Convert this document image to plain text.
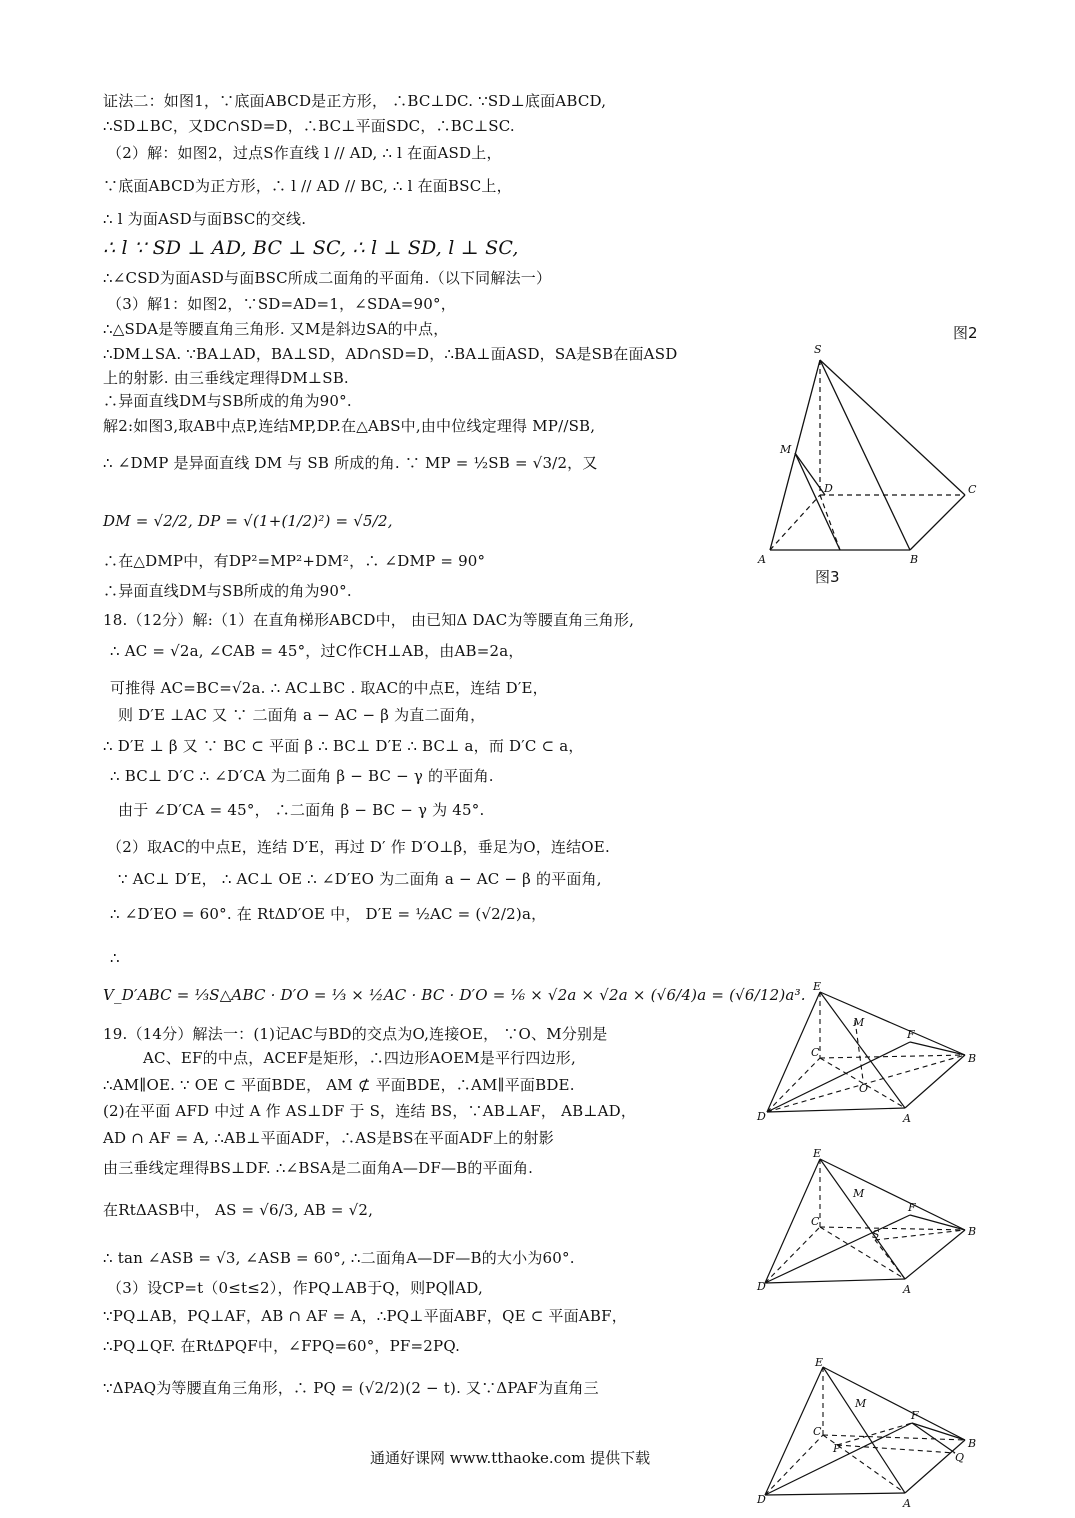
证法二：如图1，∵底面ABCD是正方形， ∴BC⊥DC. ∵SD⊥底面ABCD,
∴SD⊥BC，又DC∩SD=D，∴BC⊥平面SDC，∴BC⊥SC.
（2）解：如图2，过点S作直线 l // AD, ∴ l 在面ASD上，
∵底面ABCD为正方形，∴ l // AD // BC, ∴ l 在面BSC上，
∴ l 为面ASD与面BSC的交线.
∴ l ∵ SD ⊥ AD, BC ⊥ SC, ∴ l ⊥ SD, l ⊥ SC,
∴∠CSD为面ASD与面BSC所成二面角的平面角.（以下同解法一）
（3）解1：如图2，∵SD=AD=1，∠SDA=90°，
∴△SDA是等腰直角三角形. 又M是斜边SA的中点，
∴DM⊥SA. ∵BA⊥AD，BA⊥SD，AD∩SD=D，∴BA⊥面ASD，SA是SB在面ASD
上的射影. 由三垂线定理得DM⊥SB.
∴异面直线DM与SB所成的角为90°.
解2:如图3,取AB中点P,连结MP,DP.在△ABS中,由中位线定理得 MP//SB,
∴ ∠DMP 是异面直线 DM 与 SB 所成的角. ∵ MP = ½SB = √3/2，又
DM = √2/2, DP = √(1+(1/2)²) = √5/2,
∴在△DMP中，有DP²=MP²+DM²，∴ ∠DMP = 90°
∴异面直线DM与SB所成的角为90°.
18.（12分）解:（1）在直角梯形ABCD中， 由已知Δ DAC为等腰直角三角形,
∴ AC = √2a, ∠CAB = 45°，过C作CH⊥AB，由AB=2a，
可推得 AC=BC=√2a. ∴ AC⊥BC . 取AC的中点E，连结 D′E，
则 D′E ⊥AC 又 ∵ 二面角 a − AC − β 为直二面角，
∴ D′E ⊥ β 又 ∵ BC ⊂ 平面 β ∴ BC⊥ D′E ∴ BC⊥ a，而 D′C ⊂ a，
∴ BC⊥ D′C ∴ ∠D′CA 为二面角 β − BC − γ 的平面角.
由于 ∠D′CA = 45°， ∴二面角 β − BC − γ 为 45°.
（2）取AC的中点E，连结 D′E，再过 D′ 作 D′O⊥β，垂足为O，连结OE.
∵ AC⊥ D′E， ∴ AC⊥ OE ∴ ∠D′EO 为二面角 a − AC − β 的平面角,
∴ ∠D′EO = 60°. 在 RtΔD′OE 中， D′E = ½AC = (√2/2)a，
∴
V_D′ABC = ⅓S△ABC · D′O = ⅓ × ½AC · BC · D′O = ⅙ × √2a × √2a × (√6/4)a = (√6/12)a³.
19.（14分）解法一：(1)记AC与BD的交点为O,连接OE， ∵O、M分别是
AC、EF的中点，ACEF是矩形，∴四边形AOEM是平行四边形,
∴AM∥OE. ∵ OE ⊂ 平面BDE， AM ⊄ 平面BDE，∴AM∥平面BDE.
(2)在平面 AFD 中过 A 作 AS⊥DF 于 S，连结 BS，∵AB⊥AF， AB⊥AD，
AD ∩ AF = A, ∴AB⊥平面ADF，∴AS是BS在平面ADF上的射影
由三垂线定理得BS⊥DF. ∴∠BSA是二面角A—DF—B的平面角.
在RtΔASB中， AS = √6/3, AB = √2,
∴ tan ∠ASB = √3, ∠ASB = 60°, ∴二面角A—DF—B的大小为60°.
（3）设CP=t（0≤t≤2），作PQ⊥AB于Q，则PQ∥AD,
∵PQ⊥AB，PQ⊥AF，AB ∩ AF = A，∴PQ⊥平面ABF，QE ⊂ 平面ABF，
∴PQ⊥QF. 在RtΔPQF中，∠FPQ=60°，PF=2PQ.
∵ΔPAQ为等腰直角三角形，∴ PQ = (√2/2)(2 − t). 又∵ΔPAF为直角三
图2
图3
S
M
D	C
A	B
E
M
F
C	B
O
D	A
E
M
F
C
S	B
D	A
E
M
F
C
P	B
Q
D	A
通通好课网 www.tthaoke.com 提供下载
